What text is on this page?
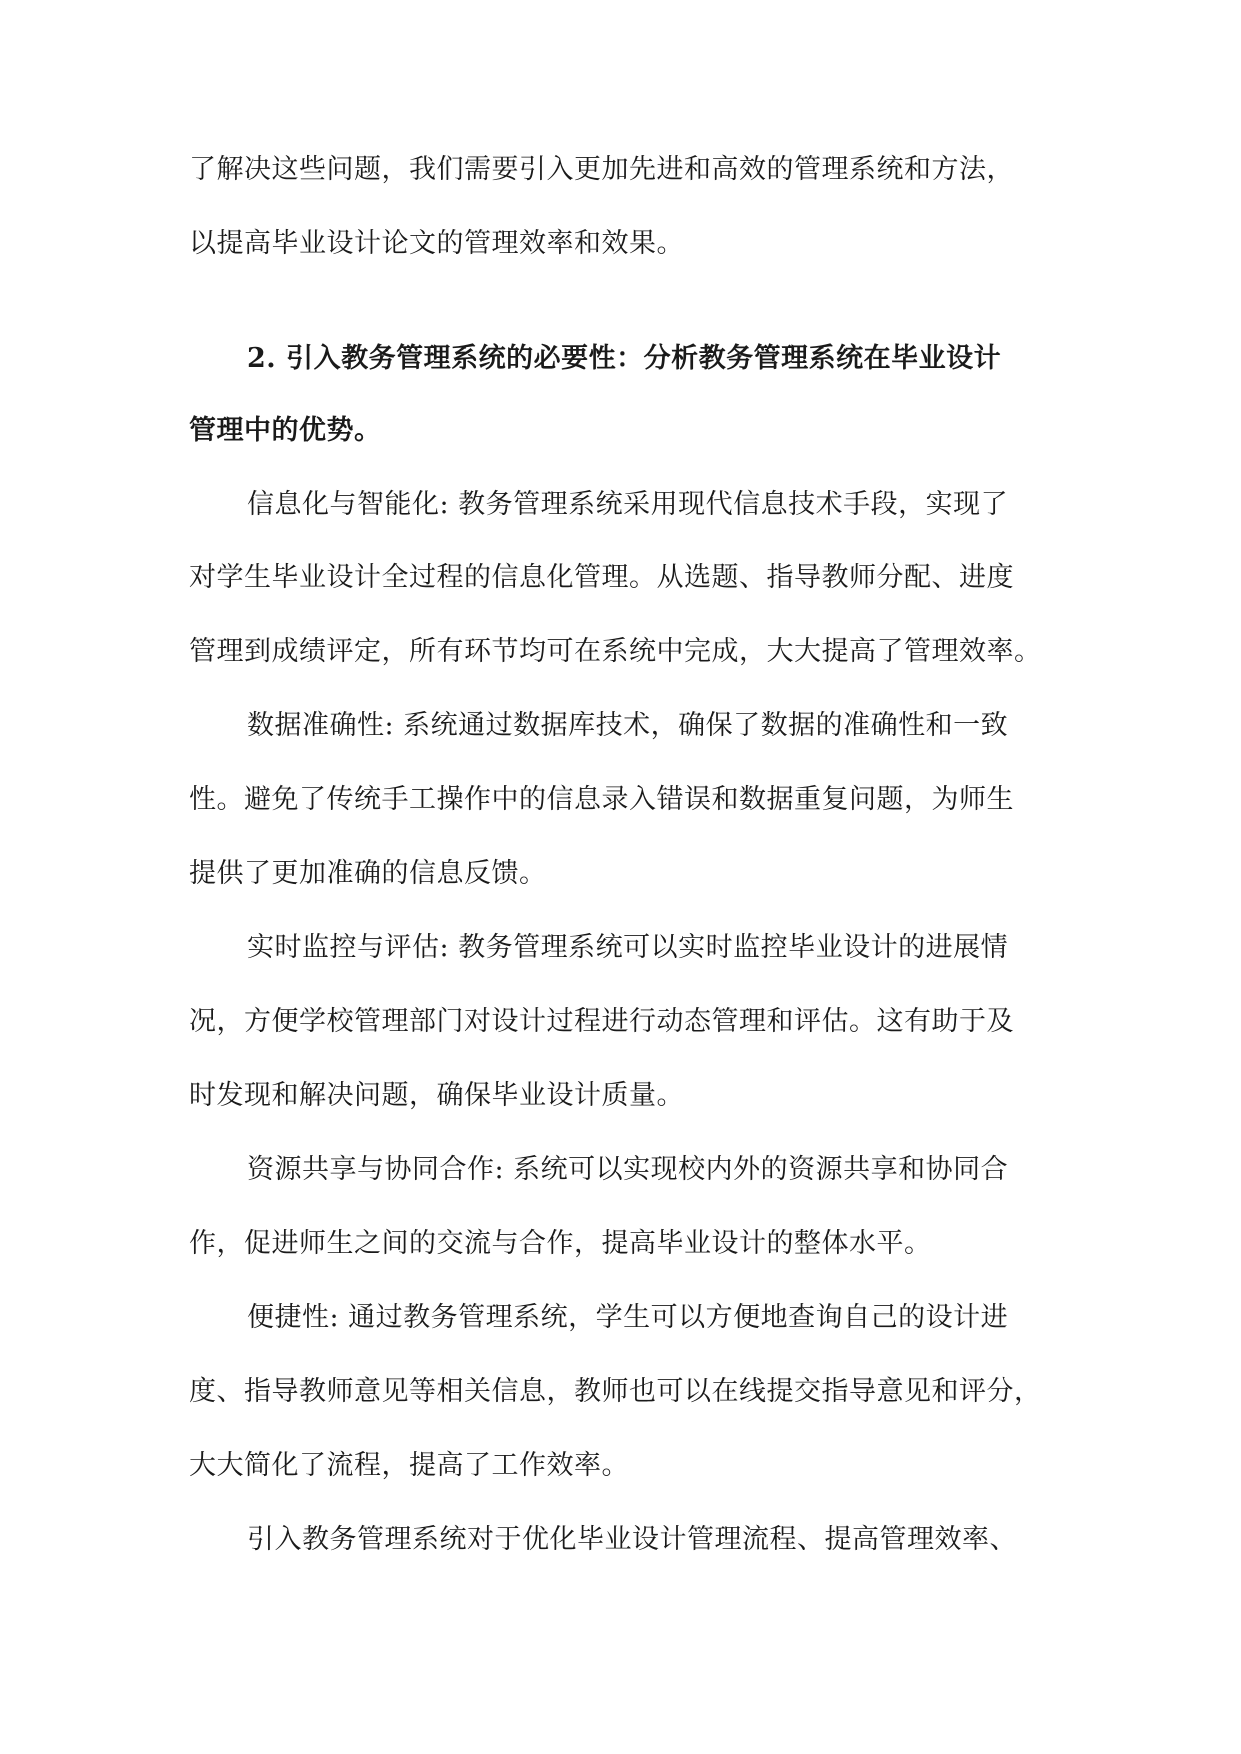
了解决这些问题，我们需要引入更加先进和高效的管理系统和方法，
以提高毕业设计论文的管理效率和效果。
2. 引入教务管理系统的必要性：分析教务管理系统在毕业设计
管理中的优势。
信息化与智能化: 教务管理系统采用现代信息技术手段，实现了
对学生毕业设计全过程的信息化管理。从选题、指导教师分配、进度
管理到成绩评定，所有环节均可在系统中完成，大大提高了管理效率。
数据准确性: 系统通过数据库技术，确保了数据的准确性和一致
性。避免了传统手工操作中的信息录入错误和数据重复问题，为师生
提供了更加准确的信息反馈。
实时监控与评估: 教务管理系统可以实时监控毕业设计的进展情
况，方便学校管理部门对设计过程进行动态管理和评估。这有助于及
时发现和解决问题，确保毕业设计质量。
资源共享与协同合作: 系统可以实现校内外的资源共享和协同合
作，促进师生之间的交流与合作，提高毕业设计的整体水平。
便捷性: 通过教务管理系统，学生可以方便地查询自己的设计进
度、指导教师意见等相关信息，教师也可以在线提交指导意见和评分，
大大简化了流程，提高了工作效率。
引入教务管理系统对于优化毕业设计管理流程、提高管理效率、
